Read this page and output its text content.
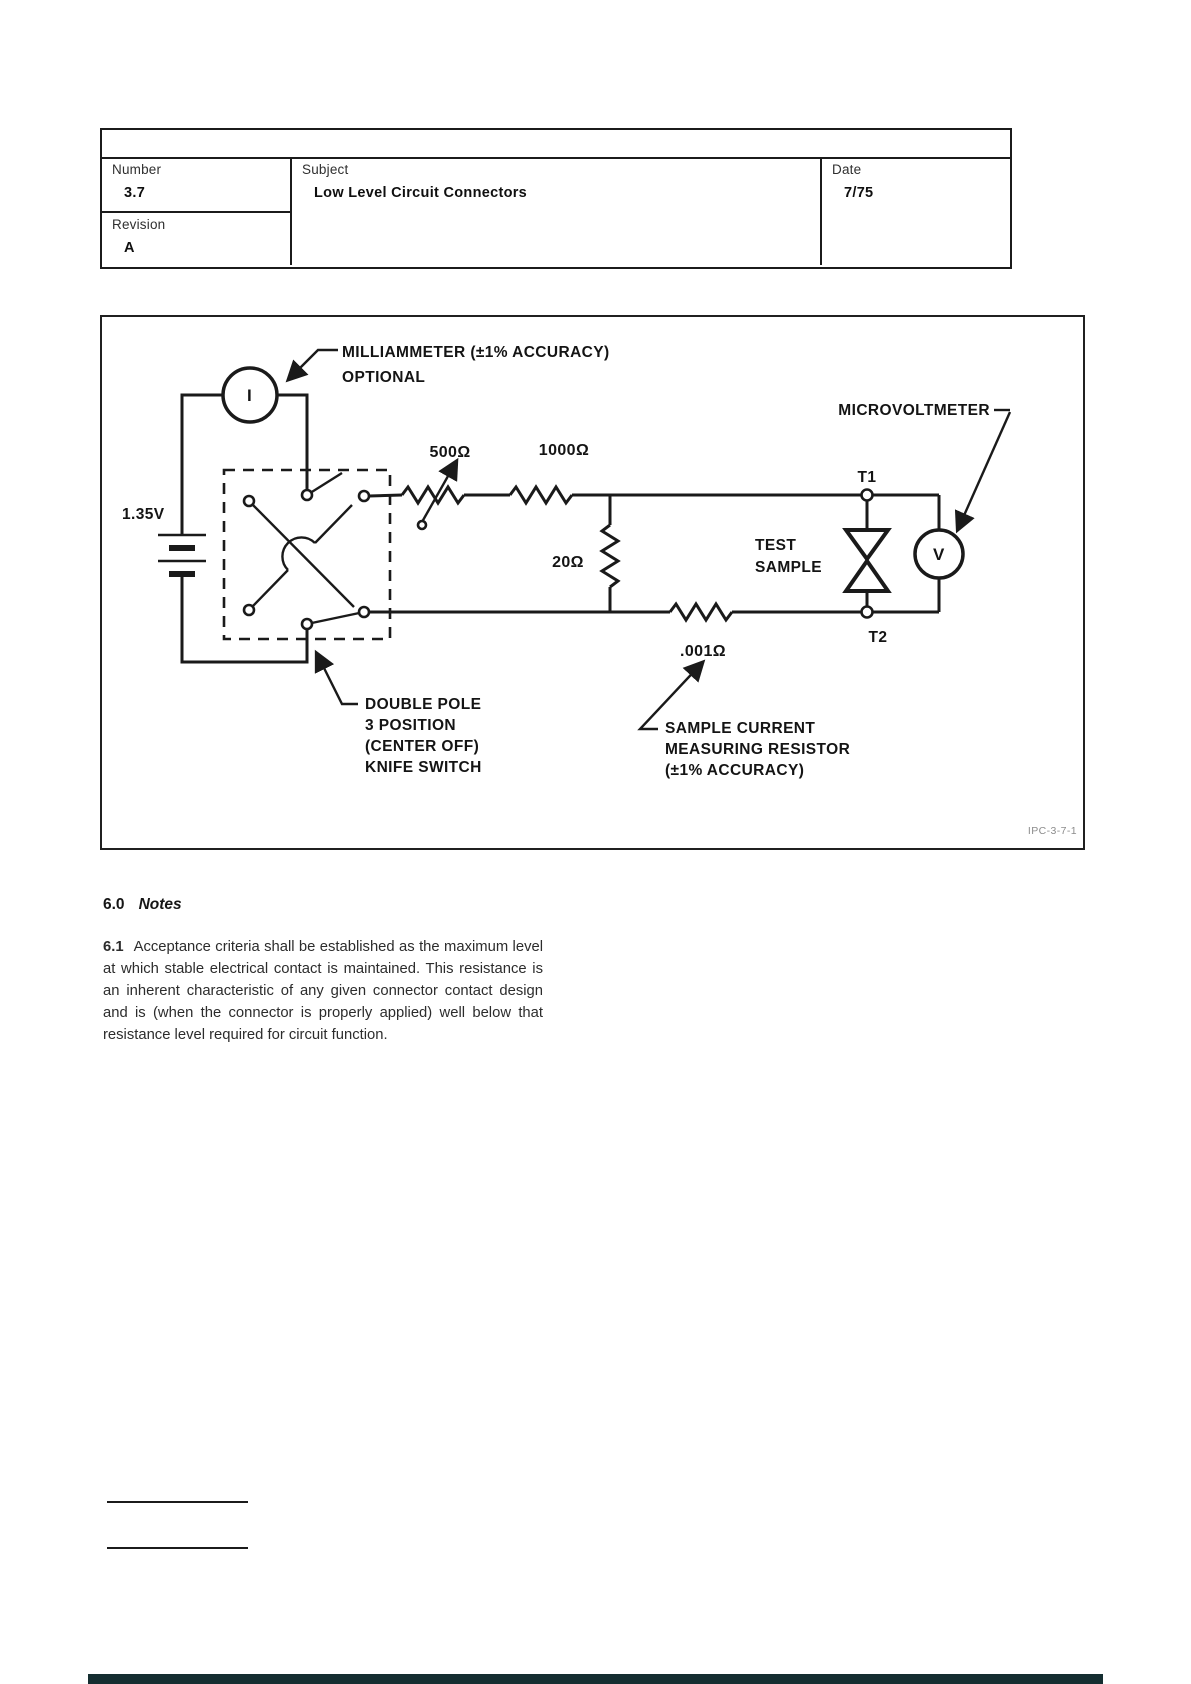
Number
3.7
Revision
A
Subject
Low Level Circuit Connectors
Date
7/75
1.35V
I
MILLIAMMETER (±1% ACCURACY)
OPTIONAL
500Ω	1000Ω
20Ω
.001Ω
T1
T2
TEST
SAMPLE
V
MICROVOLTMETER
DOUBLE POLE
3 POSITION
(CENTER OFF)
KNIFE SWITCH
SAMPLE CURRENT
MEASURING RESISTOR
(±1% ACCURACY)
IPC-3-7-1
6.0 Notes

6.1 Acceptance criteria shall be established as the maximum level at which stable electrical contact is maintained. This resistance is an inherent characteristic of any given connector contact design and is (when the connector is properly applied) well below that resistance level required for circuit function.
